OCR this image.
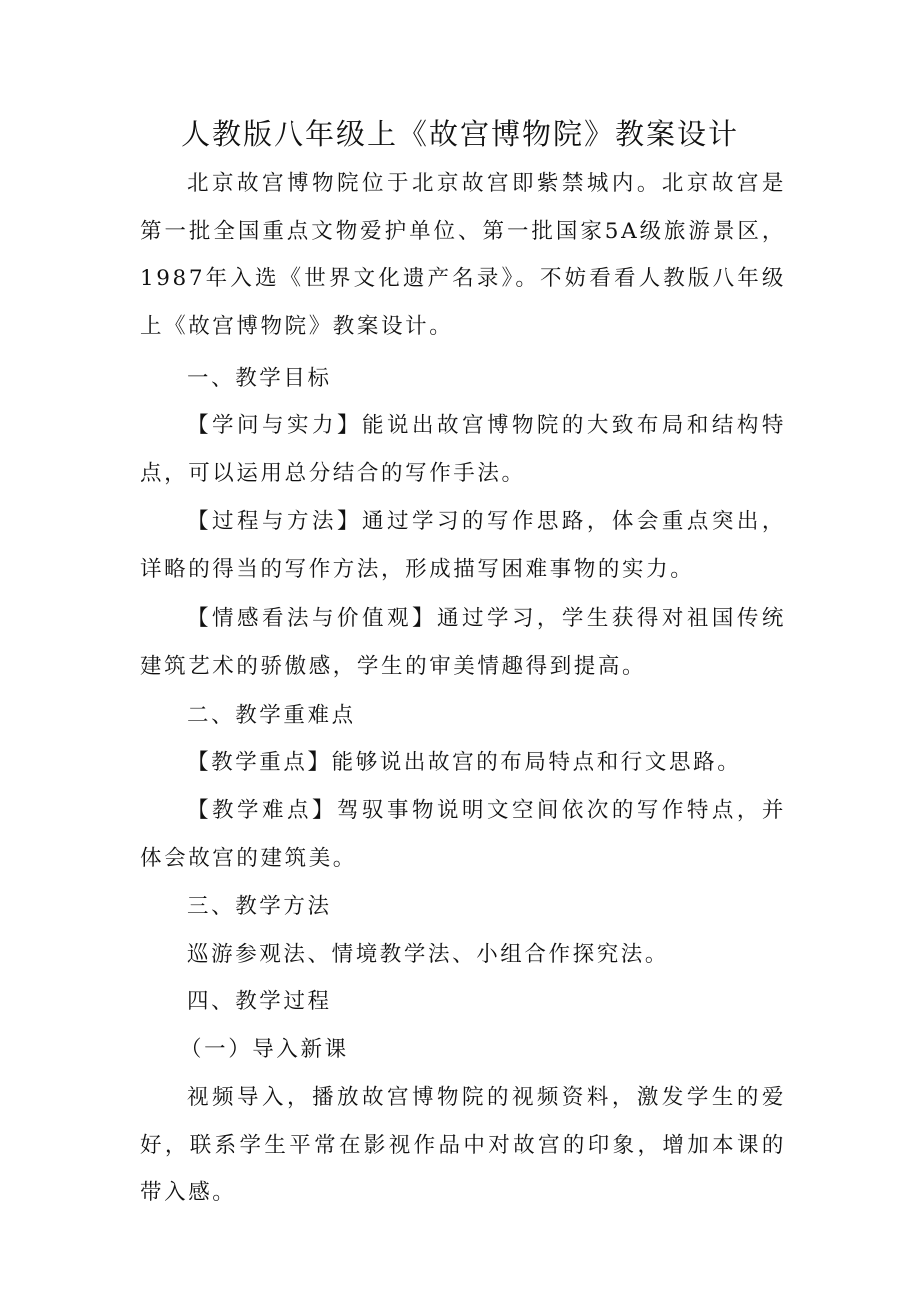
人教版八年级上《故宫博物院》教案设计

北京故宫博物院位于北京故宫即紫禁城内。北京故宫是第一批全国重点文物爱护单位、第一批国家5A级旅游景区，1987年入选《世界文化遗产名录》。不妨看看人教版八年级上《故宫博物院》教案设计。

一、教学目标

【学问与实力】能说出故宫博物院的大致布局和结构特点，可以运用总分结合的写作手法。

【过程与方法】通过学习的写作思路，体会重点突出，详略的得当的写作方法，形成描写困难事物的实力。

【情感看法与价值观】通过学习，学生获得对祖国传统建筑艺术的骄傲感，学生的审美情趣得到提高。

二、教学重难点

【教学重点】能够说出故宫的布局特点和行文思路。

【教学难点】驾驭事物说明文空间依次的写作特点，并体会故宫的建筑美。

三、教学方法

巡游参观法、情境教学法、小组合作探究法。

四、教学过程

（一）导入新课

视频导入，播放故宫博物院的视频资料，激发学生的爱好，联系学生平常在影视作品中对故宫的印象，增加本课的带入感。
